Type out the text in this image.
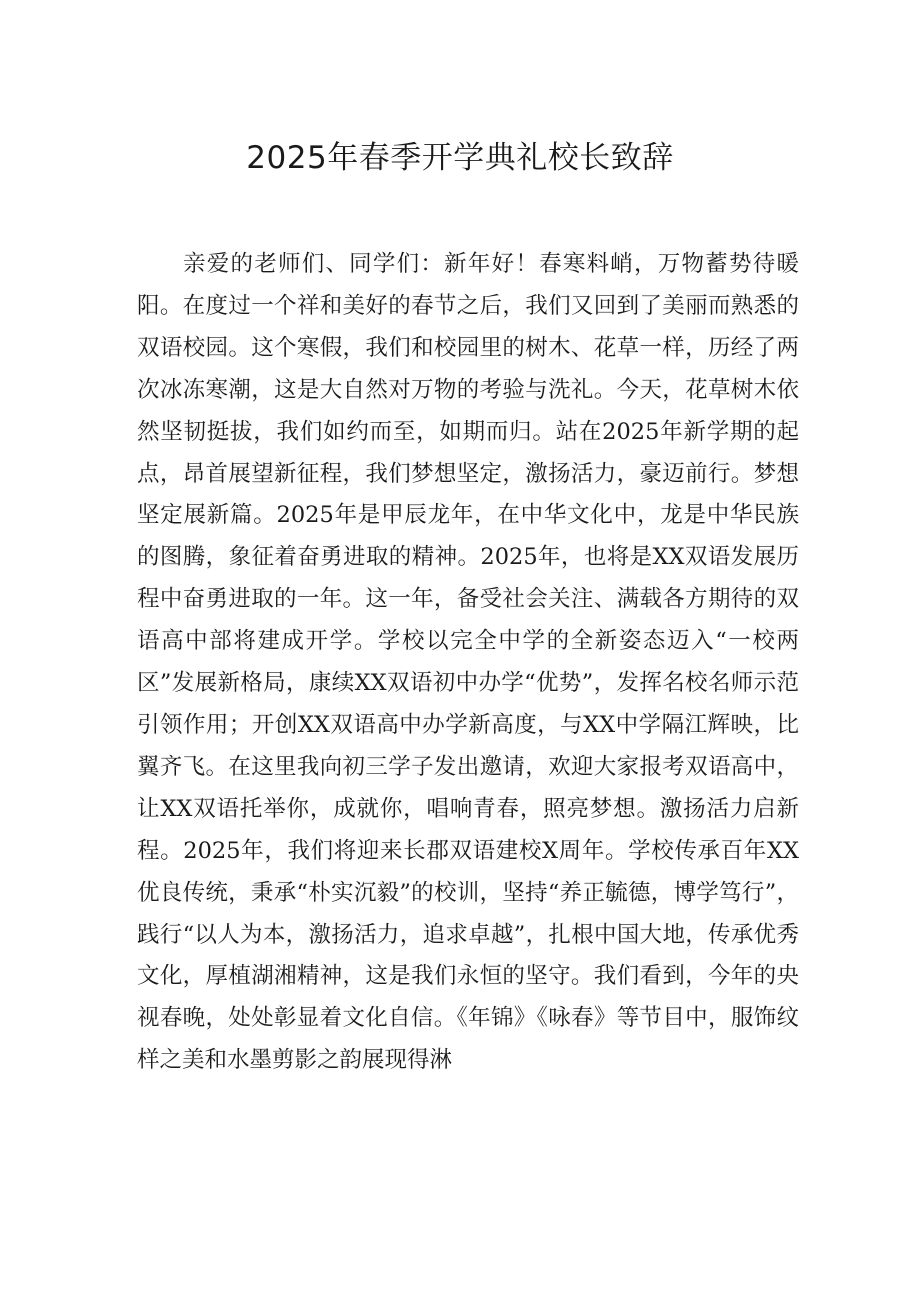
2025年春季开学典礼校长致辞

亲爱的老师们、同学们：新年好！春寒料峭，万物蓄势待暖阳。在度过一个祥和美好的春节之后，我们又回到了美丽而熟悉的双语校园。这个寒假，我们和校园里的树木、花草一样，历经了两次冰冻寒潮，这是大自然对万物的考验与洗礼。今天，花草树木依然坚韧挺拔，我们如约而至，如期而归。站在2025年新学期的起点，昂首展望新征程，我们梦想坚定，激扬活力，豪迈前行。梦想坚定展新篇。2025年是甲辰龙年，在中华文化中，龙是中华民族的图腾，象征着奋勇进取的精神。2025年，也将是XX双语发展历程中奋勇进取的一年。这一年，备受社会关注、满载各方期待的双语高中部将建成开学。学校以完全中学的全新姿态迈入“一校两区”发展新格局，康续XX双语初中办学“优势”，发挥名校名师示范引领作用；开创XX双语高中办学新高度，与XX中学隔江辉映，比翼齐飞。在这里我向初三学子发出邀请，欢迎大家报考双语高中，让XX双语托举你，成就你，唱响青春，照亮梦想。激扬活力启新程。2025年，我们将迎来长郡双语建校X周年。学校传承百年XX优良传统，秉承“朴实沉毅”的校训，坚持“养正毓德，博学笃行”，践行“以人为本，激扬活力，追求卓越”，扎根中国大地，传承优秀文化，厚植湖湘精神，这是我们永恒的坚守。我们看到，今年的央视春晚，处处彰显着文化自信。《年锦》《咏春》等节目中，服饰纹样之美和水墨剪影之韵展现得淋
